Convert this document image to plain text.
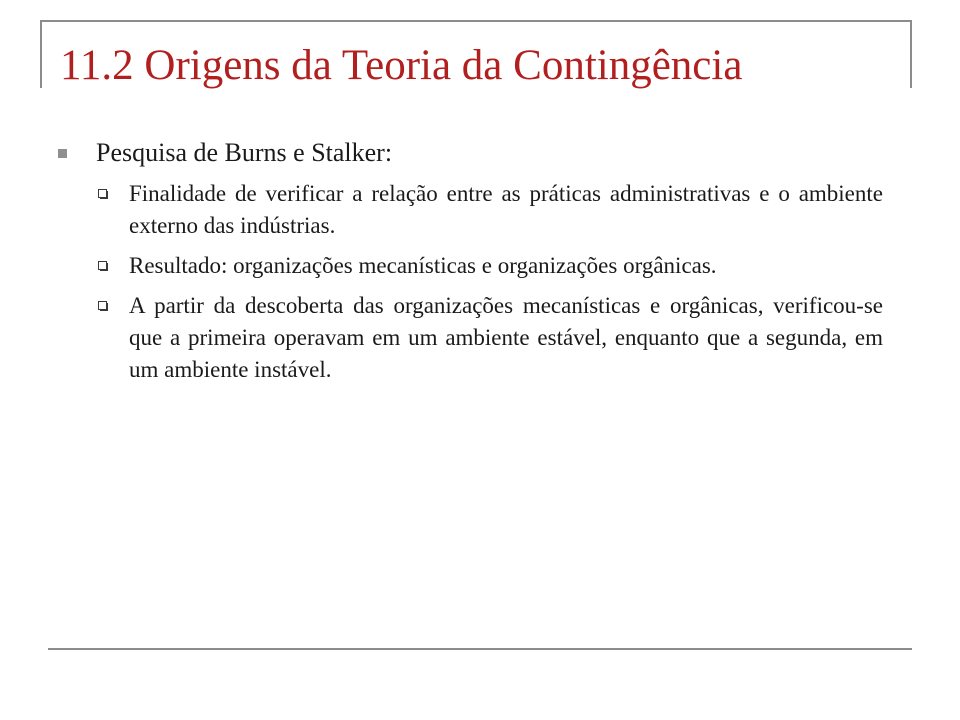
11.2 Origens da Teoria da Contingência
Pesquisa de Burns e Stalker:
Finalidade de verificar a relação entre as práticas administrativas e o ambiente externo das indústrias.
Resultado: organizações mecanísticas e organizações orgânicas.
A partir da descoberta das organizações mecanísticas e orgânicas, verificou-se que a primeira operavam em um ambiente estável, enquanto que a segunda, em um ambiente instável.
